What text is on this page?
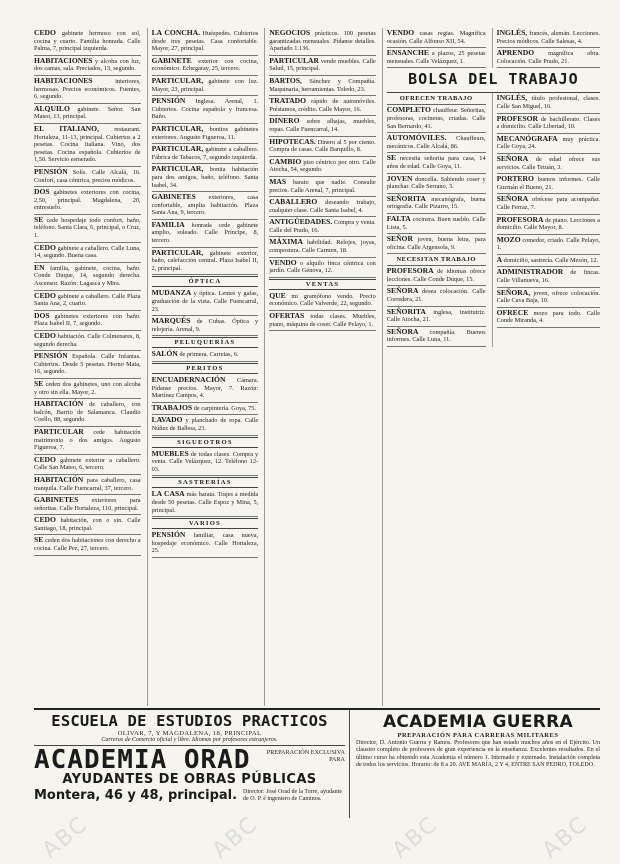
CEDO gabinete hermoso con sol, cocina y cuarto. Familia honrada. Calle Palma, 7, principal izquierda.
HABITACIONES y alcoba con luz, dos camas, sala. Preciados, 13, segundo.
HABITACIONES	interiores, hermosas. Precios económicos. Fuentes, 6, segundo.
ALQUILO gabinete. Señor. San Mateo, 13, principal.
EL ITALIANO, restaurant. Hortaleza, 11-13, principal. Cubiertos a 2 pesetas. Cocina italiana. Vino, dos pesetas. Cocina española. Cubiertos de 1,50. Servicio esmerado.
PENSIÓN Solís. Calle Alcalá, 16. Confort, casa céntrica, precios módicos.
DOS gabinetes exteriores con cocina, 2,50, principal. Magdalena, 20, entresuelo.
SE cede hospedaje todo confort, baño, teléfono. Santa Clara, 6, principal, o Cruz, 1.
CEDO gabinete a caballero. Calle Luna, 14, segundo. Buena casa.
EN familia, gabinete, cocina, baño. Conde Duque, 14, segundo derecha. Ascensor. Razón: Lagasca y Mira.
CEDO gabinete a caballero. Calle Plaza Santa Ana, 2, cuarto.
DOS gabinetes exteriores con baño. Plaza Isabel II, 7, segundo.
CEDO habitación. Calle Colmenares, 8, segundo derecha.
PENSIÓN Española. Calle Infantas. Cubiertos. Desde 5 pesetas. Horno Mata, 16, segundo.
SE ceden dos gabinetes, uno con alcoba y otro sin ella. Mayor, 2.
HABITACIÓN de caballero, con balcón, Barrio de Salamanca. Claudio Coello, 88, segundo.
PARTICULAR cede habitación matrimonio o dos amigos. Augusto Figueroa, 7.
CEDO gabinete exterior a caballero. Calle San Mateo, 6, tercero.
HABITACIÓN para caballero, casa tranquila. Calle Fuencarral, 37, tercero.
GABINETES exteriores para señoritas. Calle Hortaleza, 110, principal.
CEDO habitación, con o sin. Calle Santiago, 18, principal.
SE ceden dos habitaciones con derecho a cocina. Calle Pez, 27, tercero.
LA CONCHA. Huéspedes. Cubiertos desde tres pesetas. Casa confortable. Mayor, 27, principal.
GABINETE exterior con cocina, económico. Echegaray, 25, tercero.
PARTICULAR, gabinete con luz. Mayor, 23, principal.
PENSIÓN Inglesa. Arenal, 1. Cubiertos. Cocina española y francesa. Baño.
PARTICULAR, bonitos gabinetes exteriores. Augusto Figueroa, 11.
PARTICULAR, gabinete a caballero. Fábrica de Tabacos, 7, segundo izquierda.
PARTICULAR, bonita habitación para dos amigos, baño, teléfono. Santa Isabel, 34.
GABINETES exteriores, casa confortable, amplia habitación. Plaza Santa Ana, 9, tercero.
FAMILIA honrada cede gabinete amplio, soleado. Calle Príncipe, 8, tercero.
PARTICULAR, gabinete exterior, baño, calefacción central. Plaza Isabel II, 2, principal.
ÓPTICA
MUDANZA y óptica. Lentes y gafas, graduación de la vista. Calle Fuencarral, 23.
MARQUÉS de Cubas. Óptica y relojería. Arenal, 9.
PELUQUERÍAS
SALÓN de primera. Carretas, 6.
PERITOS
ENCUADERNACIÓN Cámara. Pídanse precios. Mayor, 7. Razón: Martínez Campos, 4.
TRABAJOS de carpintería. Goya, 75.
LAVADO y planchado de ropa. Calle Núñez de Balboa, 23.
SIGUEOTROS
MUEBLES de todas clases. Compra y venta. Calle Velázquez, 12. Teléfono 12-03.
SASTRERÍAS
LA CASA más barata. Trajes a medida desde 50 pesetas. Calle Espoz y Mina, 5, principal.
VARIOS
PENSIÓN familiar, casa nueva, hospedaje económico. Calle Hortaleza, 25.
NEGOCIOS prácticos. 100 pesetas garantizadas mensuales. Pídanse detalles. Apartado 1.136.
PARTICULAR vende muebles. Calle Salud, 15, principal.
BARTOS, Sánchez y Compañía. Maquinaria, herramientas. Toledo, 23.
TRATADO rápido de automóviles. Préstamos, crédito. Calle Mayor, 16.
DINERO sobre alhajas, muebles, ropas. Calle Fuencarral, 14.
HIPOTECAS. Dinero al 5 por ciento. Compra de casas. Calle Barquillo, 8.
CAMBIO piso céntrico por otro. Calle Atocha, 54, segundo.
MAS barato que nadie. Consulte precios. Calle Arenal, 7, principal.
CABALLERO deseando trabajo, cualquier clase. Calle Santa Isabel, 4.
ANTIGÜEDADES. Compra y venta. Calle del Prado, 16.
MÁXIMA habilidad. Relojes, joyas, compostura. Calle Carmen, 18.
VENDO o alquilo finca céntrica con jardín. Calle Génova, 12.
VENTAS
QUE mi gramófono vendo. Precio económico. Calle Valverde, 22, segundo.
OFERTAS todas clases. Muebles, piano, máquina de coser. Calle Pelayo, 1.
VENDO casas regias. Magnífica ocasión. Calle Alfonso XII, 54.
ENSANCHE a plazos, 25 pesetas mensuales. Calle Velázquez, 1.
INGLÉS, francés, alemán. Lecciones. Precios módicos. Calle Salesas, 4.
APRENDO magnífica obra. Colocación. Calle Prado, 21.
BOLSA DEL TRABAJO
OFRECEN TRABAJO
COMPLETO chauffeur. Señoritas, profesoras, cocineras, criadas. Calle San Bernardo, 41.
AUTOMÓVILES. Chauffeurs, mecánicos. Calle Alcalá, 86.
SE necesita señorita para casa, 14 años de edad. Calle Goya, 11.
JOVEN doncella. Sabiendo coser y planchar. Calle Serrano, 3.
SEÑORITA mecanógrafa, buena ortografía. Calle Pizarro, 15.
FALTA cocinera. Buen sueldo. Calle Lista, 5.
SEÑOR joven, buena letra, para oficina. Calle Argensola, 9.
NECESITAN TRABAJO
PROFESORA de idiomas ofrece lecciones. Calle Conde Duque, 15.
SEÑORA desea colocación. Calle Corredera, 21.
SEÑORITA inglesa, institutriz. Calle Atocha, 21.
SEÑORA compañía. Buenos informes. Calle Luna, 11.
INGLÉS, título profesional, clases. Calle San Miguel, 16.
PROFESOR de bachillerato. Clases a domicilio. Calle Libertad, 10.
MECANÓGRAFA muy práctica. Calle Goya, 24.
SEÑORA de edad ofrece sus servicios. Calle Tetuán, 3.
PORTERO buenos informes. Calle Guzmán el Bueno, 21.
SEÑORA ofrécese para acompañar. Calle Ferraz, 7.
PROFESORA de piano. Lecciones a domicilio. Calle Mayor, 8.
MOZO comedor, criado. Calle Pelayo, 1.
A domicilio, sastrería. Calle Mesón, 12.
ADMINISTRADOR de fincas. Calle Villanueva, 16.
SEÑORA, joven, ofrece colocación. Calle Cava Baja, 10.
OFRECE mozo para todo. Calle Conde Miranda, 4.

ESCUELA DE ESTUDIOS PRACTICOS

OLIVAR, 7, Y MAGDALENA, 18, PRINCIPAL

Carreras de Comercio oficial y libre. Idiomas por profesores extranjeros.

ACADEMIA ORAD	PREPARACIÓN EXCLUSIVA PARA

AYUDANTES DE OBRAS PÚBLICAS

Montera, 46 y 48, principal.	Director: José Orad de la Torre, ayudante de O. P. é ingeniero de Caminos.

ACADEMIA GUERRA

PREPARACIÓN PARA CARRERAS MILITARES

Director, D. Antonio Guerra y Ramos. Profesores que han estado muchos años en el Ejército. Un claustro completo de profesores de gran experiencia en la enseñanza. Excelentes resultados. En el último curso ha obtenido esta Academia el número 1. Internado y externado. Instalación completa de todos los servicios. Horario: de 8 a 20. AVE MARÍA, 2 Y 4, ENTRE SAN PEDRO, TOLEDO.

ABC	ABC	ABC	ABC
